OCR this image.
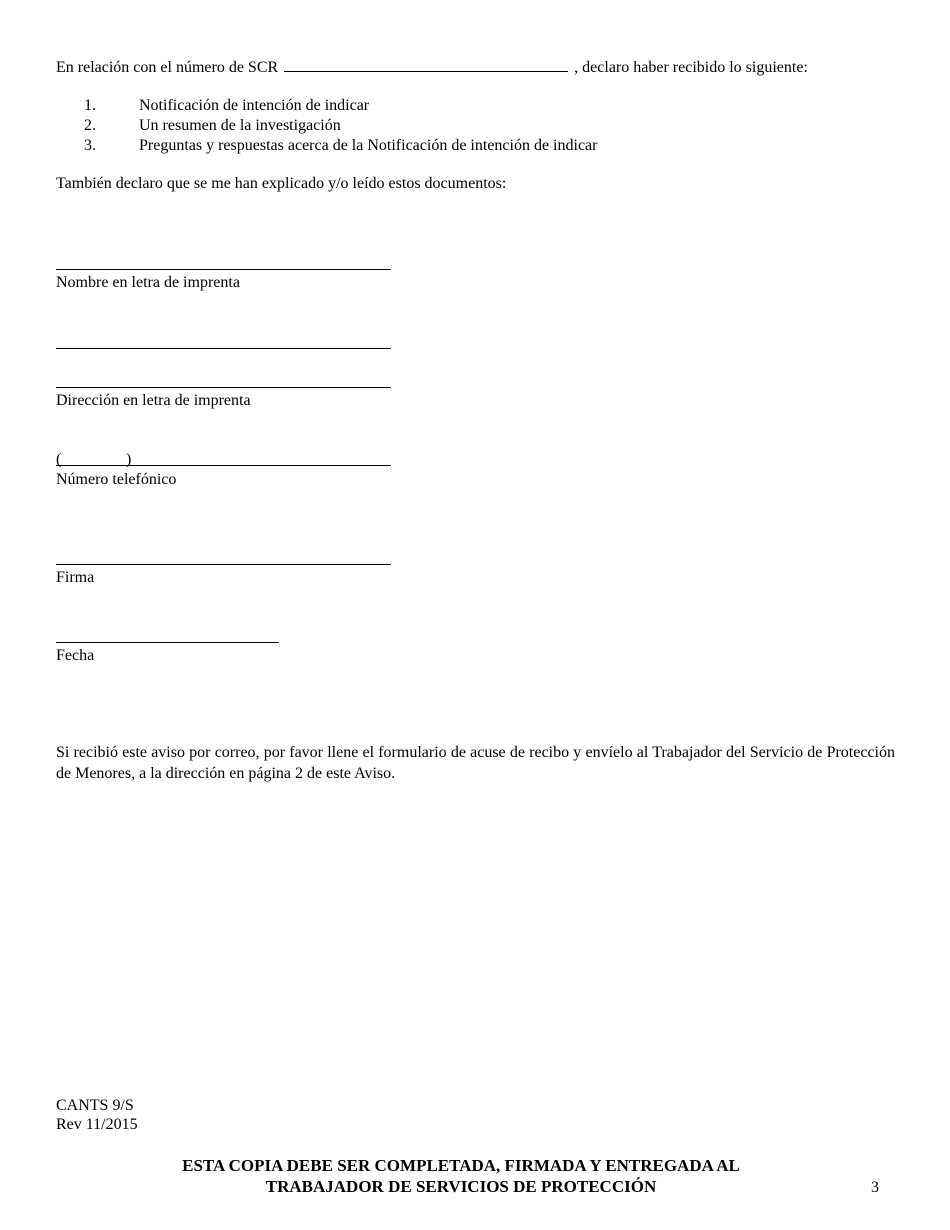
En relación con el número de SCR	, declaro haber recibido lo siguiente:
1.	Notificación de intención de indicar
2.	Un resumen de la investigación
3.	Preguntas y respuestas acerca de la Notificación de intención de indicar
También declaro que se me han explicado y/o leído estos documentos:
Nombre en letra de imprenta
Dirección en letra de imprenta
(	)
Número telefónico
Firma
Fecha
Si recibió este aviso por correo, por favor llene el formulario de acuse de recibo y envíelo al Trabajador del Servicio de Protección de Menores, a la dirección en página 2 de este Aviso.
CANTS 9/S
Rev 11/2015
ESTA COPIA DEBE SER COMPLETADA, FIRMADA Y ENTREGADA AL
TRABAJADOR DE SERVICIOS DE PROTECCIÓN	3
